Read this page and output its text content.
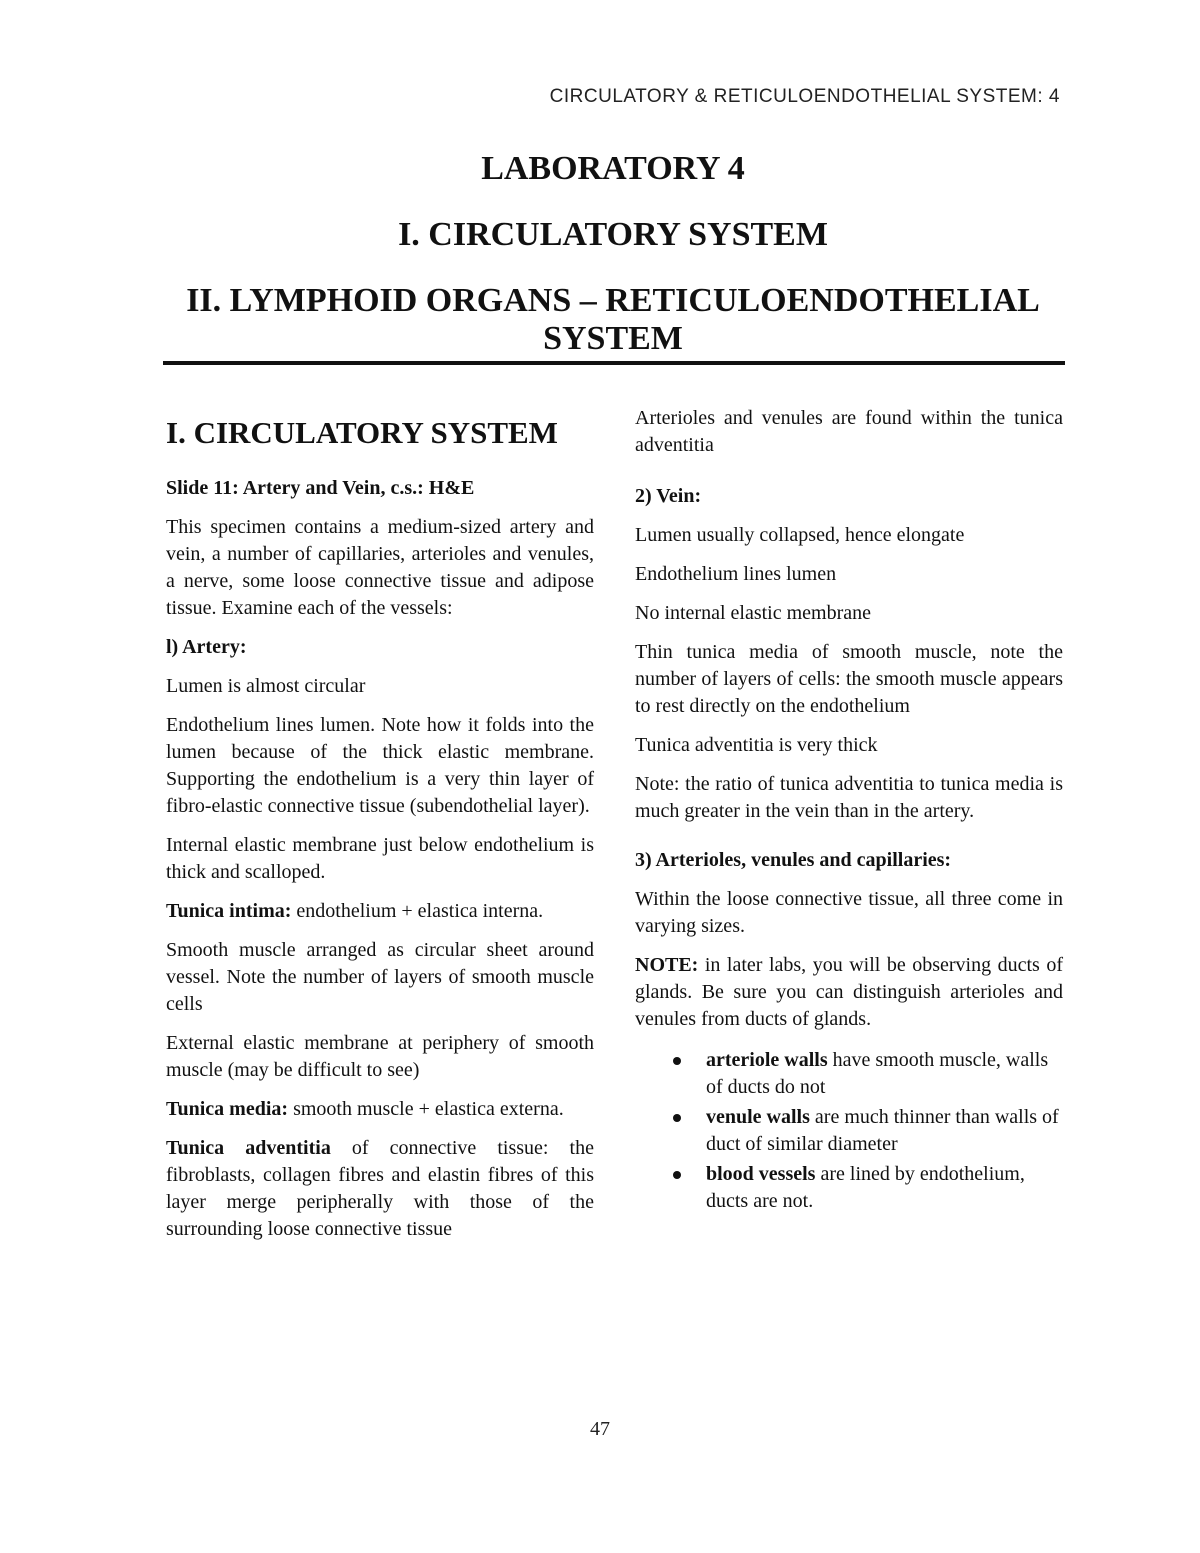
CIRCULATORY & RETICULOENDOTHELIAL SYSTEM: 4
LABORATORY 4
I. CIRCULATORY SYSTEM
II. LYMPHOID ORGANS – RETICULOENDOTHELIAL SYSTEM
I. CIRCULATORY SYSTEM
Slide 11: Artery and Vein, c.s.: H&E

This specimen contains a medium-sized artery and vein, a number of capillaries, arterioles and venules, a nerve, some loose connective tissue and adipose tissue. Examine each of the vessels:

l) Artery:

Lumen is almost circular

Endothelium lines lumen. Note how it folds into the lumen because of the thick elastic membrane. Supporting the endothelium is a very thin layer of fibro-elastic connective tissue (subendothelial layer).

Internal elastic membrane just below endothelium is thick and scalloped.

Tunica intima: endothelium + elastica interna.

Smooth muscle arranged as circular sheet around vessel. Note the number of layers of smooth muscle cells

External elastic membrane at periphery of smooth muscle (may be difficult to see)

Tunica media: smooth muscle + elastica externa.

Tunica adventitia of connective tissue: the fibroblasts, collagen fibres and elastin fibres of this layer merge peripherally with those of the surrounding loose connective tissue

Arterioles and venules are found within the tunica adventitia

2) Vein:

Lumen usually collapsed, hence elongate

Endothelium lines lumen

No internal elastic membrane

Thin tunica media of smooth muscle, note the number of layers of cells: the smooth muscle appears to rest directly on the endothelium

Tunica adventitia is very thick

Note: the ratio of tunica adventitia to tunica media is much greater in the vein than in the artery.

3) Arterioles, venules and capillaries:

Within the loose connective tissue, all three come in varying sizes.

NOTE: in later labs, you will be observing ducts of glands. Be sure you can distinguish arterioles and venules from ducts of glands.

arteriole walls have smooth muscle, walls of ducts do not
venule walls are much thinner than walls of duct of similar diameter
blood vessels are lined by endothelium, ducts are not.
47
